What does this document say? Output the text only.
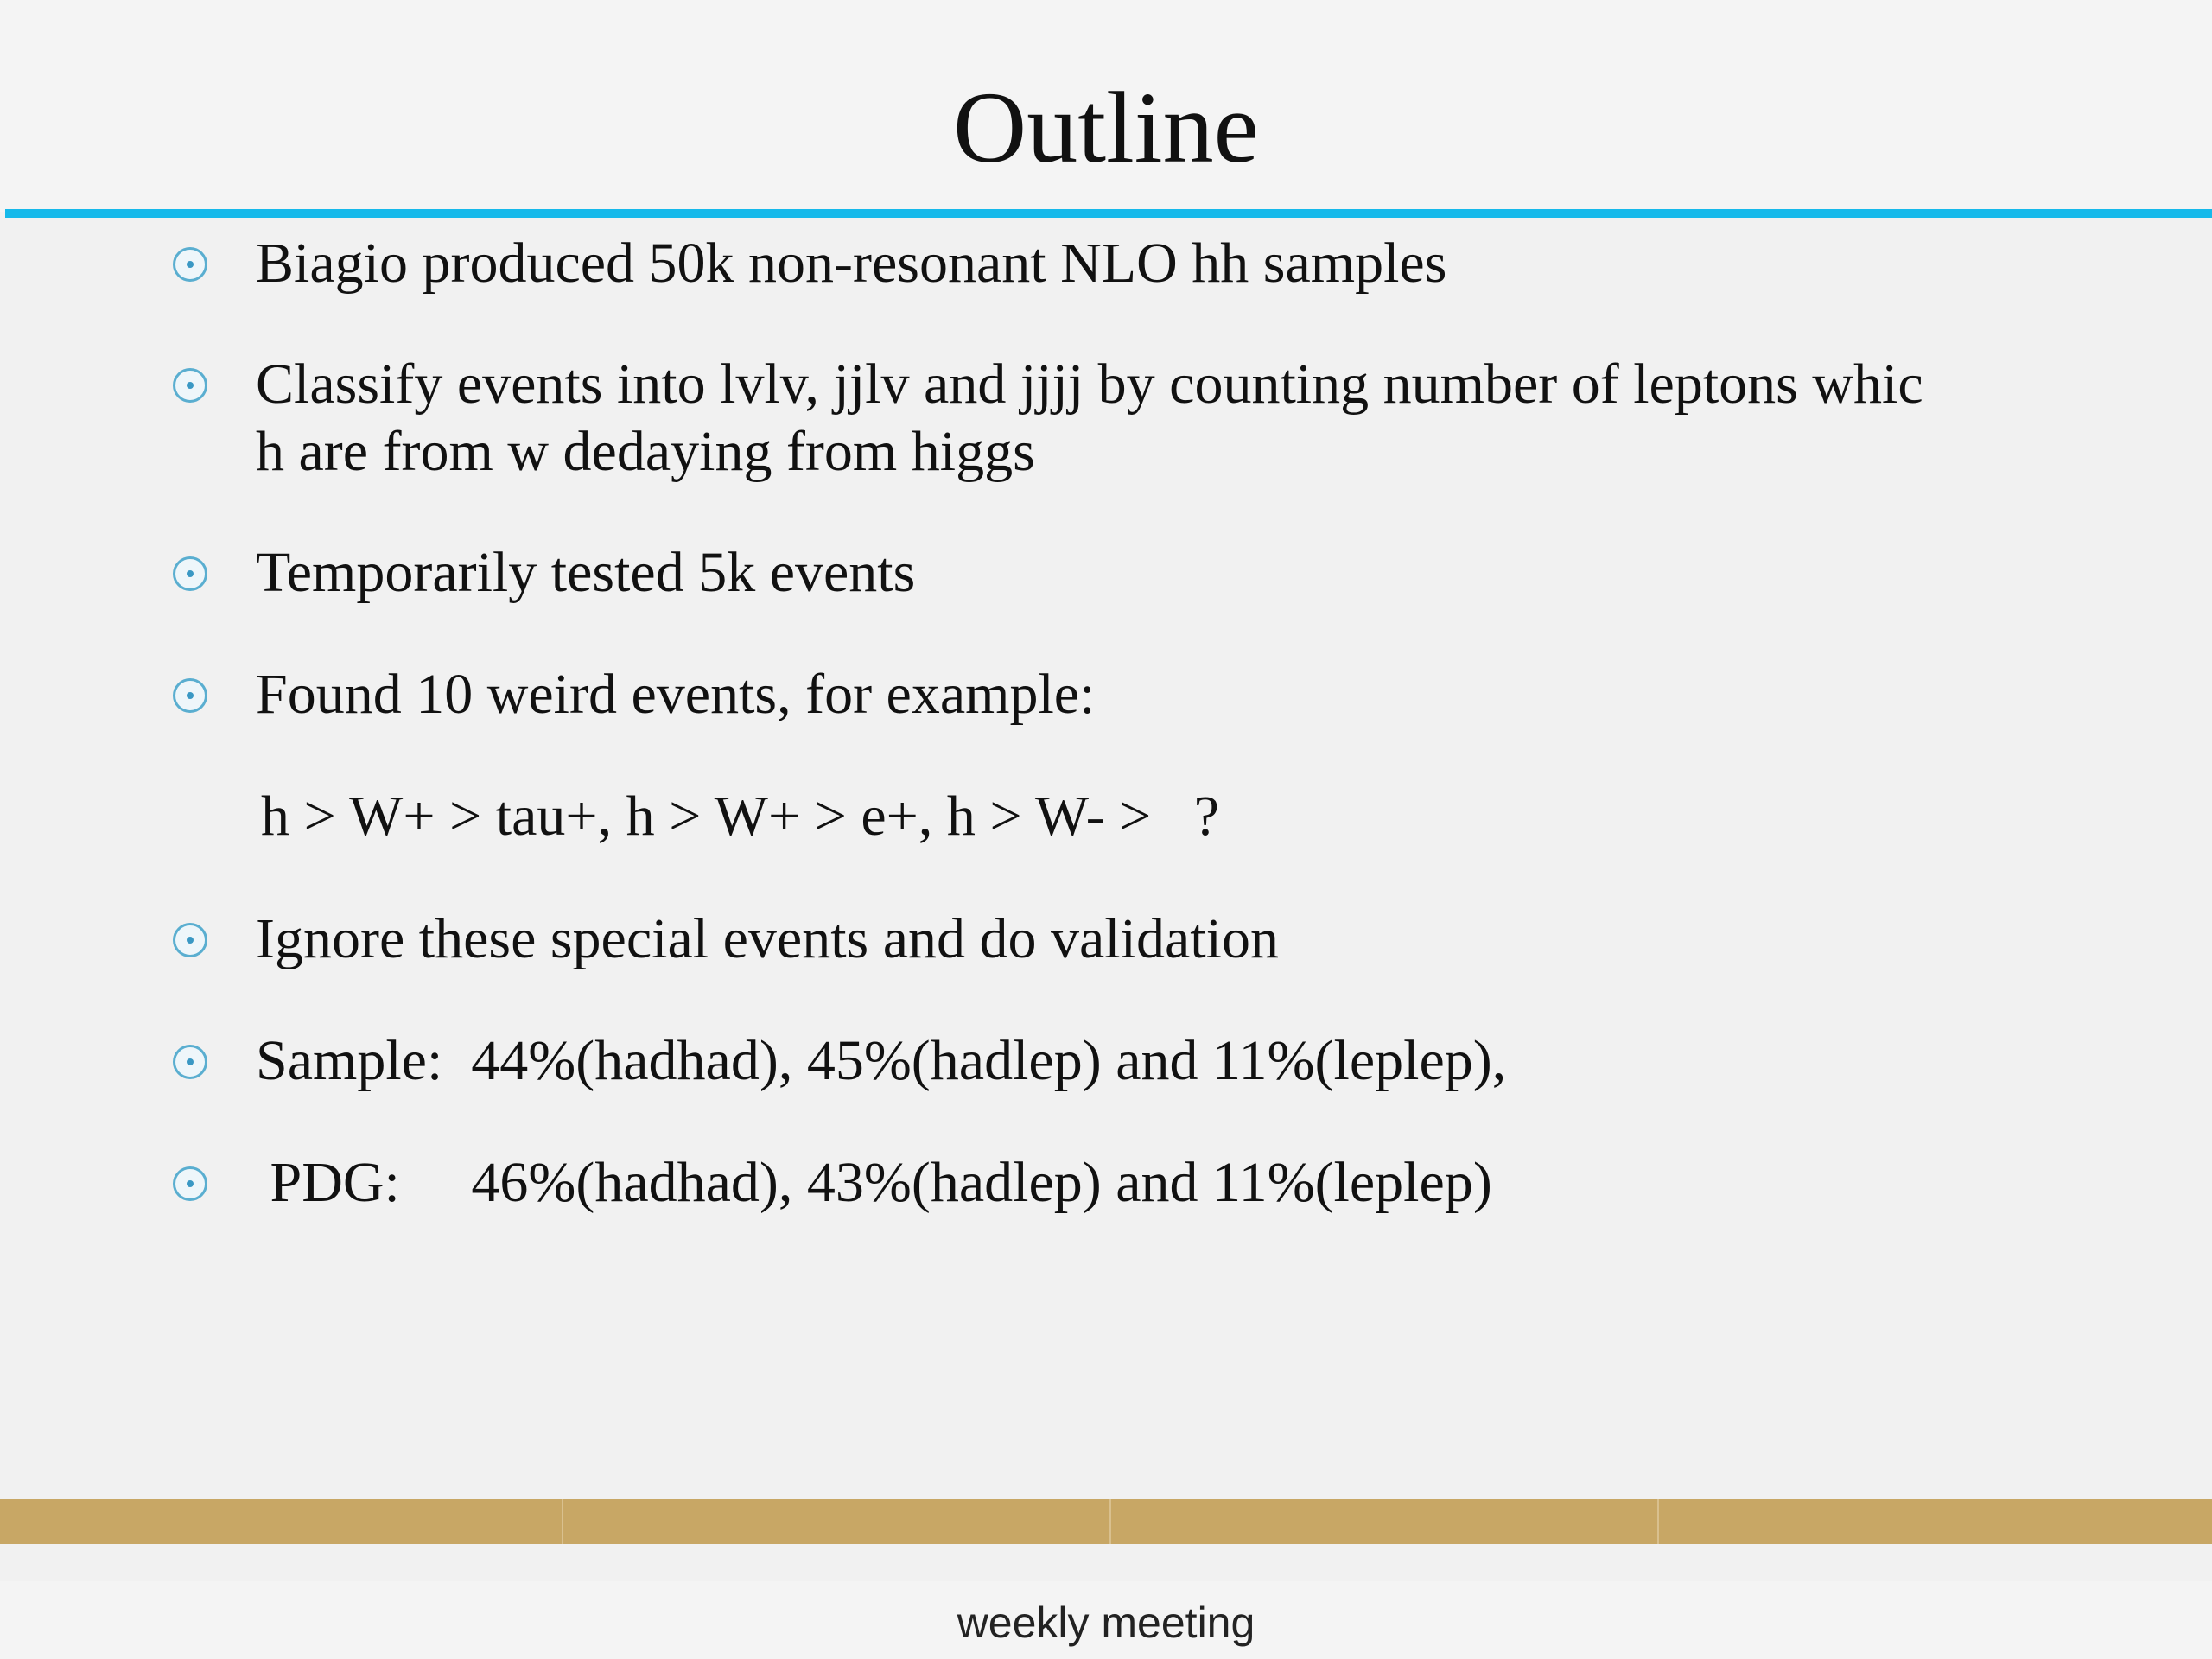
Outline
Biagio produced 50k non-resonant NLO hh samples
Classify events into lvlv, jjlv and jjjj by counting number of leptons whic
h are from w dedaying from higgs
Temporarily tested 5k events
Found 10 weird events, for example:
Ignore these special events and do validation
Sample:  44%(hadhad), 45%(hadlep) and 11%(leplep),
PDG:     46%(hadhad), 43%(hadlep) and 11%(leplep)
h > W+ > tau+, h > W+ > e+, h > W- >   ?
weekly meeting
